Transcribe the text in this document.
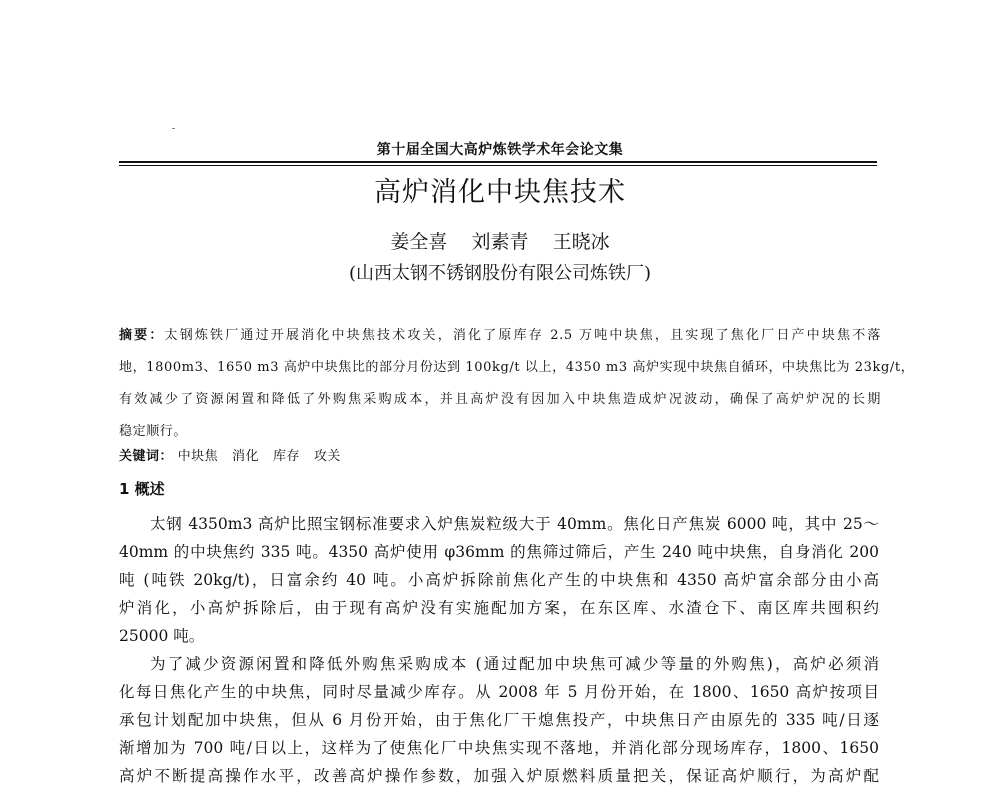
第十届全国大高炉炼铁学术年会论文集
高炉消化中块焦技术
姜全喜    刘素青    王晓冰
(山西太钢不锈钢股份有限公司炼铁厂)
摘要：太钢炼铁厂通过开展消化中块焦技术攻关，消化了原库存 2.5 万吨中块焦，且实现了焦化厂日产中块焦不落
地，1800m3、1650 m3 高炉中块焦比的部分月份达到 100kg/t 以上，4350 m3 高炉实现中块焦自循环，中块焦比为 23kg/t，
有效减少了资源闲置和降低了外购焦采购成本，并且高炉没有因加入中块焦造成炉况波动，确保了高炉炉况的长期
稳定顺行。
关键词： 中块焦   消化   库存   攻关
1 概述
太钢 4350m3 高炉比照宝钢标准要求入炉焦炭粒级大于 40mm。焦化日产焦炭 6000 吨，其中 25～
40mm 的中块焦约 335 吨。4350 高炉使用 φ36mm 的焦筛过筛后，产生 240 吨中块焦，自身消化 200
吨 (吨铁 20kg/t)，日富余约 40 吨。小高炉拆除前焦化产生的中块焦和 4350 高炉富余部分由小高
炉消化，小高炉拆除后，由于现有高炉没有实施配加方案，在东区库、水渣仓下、南区库共囤积约
25000 吨。
为了减少资源闲置和降低外购焦采购成本 (通过配加中块焦可减少等量的外购焦)，高炉必须消
化每日焦化产生的中块焦，同时尽量减少库存。从 2008 年 5 月份开始，在 1800、1650 高炉按项目
承包计划配加中块焦，但从 6 月份开始，由于焦化厂干熄焦投产，中块焦日产由原先的 335 吨/日逐
渐增加为 700 吨/日以上，这样为了使焦化厂中块焦实现不落地，并消化部分现场库存，1800、1650
高炉不断提高操作水平，改善高炉操作参数，加强入炉原燃料质量把关，保证高炉顺行，为高炉配
